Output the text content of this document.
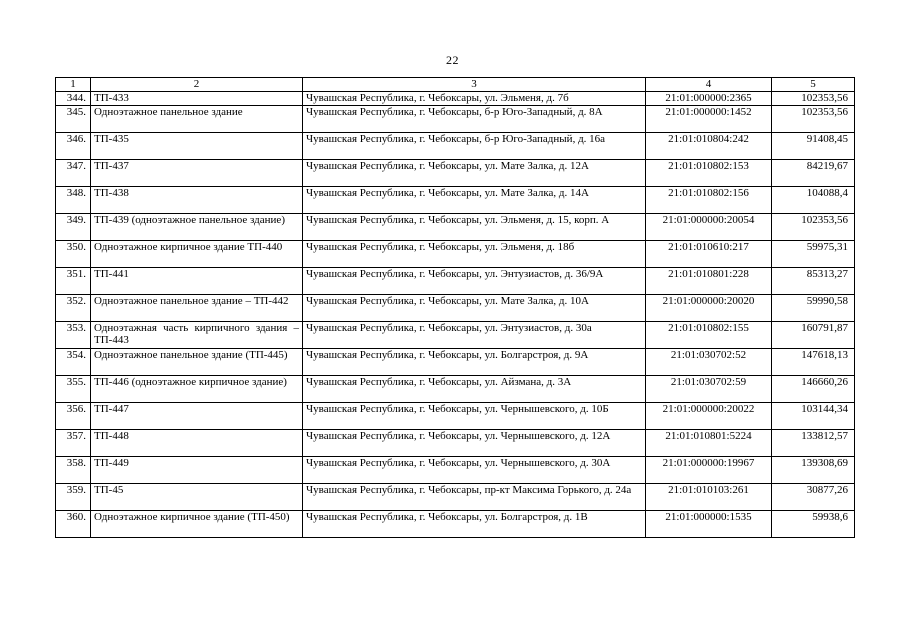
22
1	2	3	4	5
344.	ТП-433	Чувашская Республика, г. Чебоксары, ул. Эльменя, д. 7б	21:01:000000:2365	102353,56
345.	Одноэтажное панельное здание	Чувашская Республика, г. Чебоксары, б-р Юго-Западный, д. 8А	21:01:000000:1452	102353,56
346.	ТП-435	Чувашская Республика, г. Чебоксары, б-р Юго-Западный, д. 16а	21:01:010804:242	91408,45
347.	ТП-437	Чувашская Республика, г. Чебоксары, ул. Мате Залка, д. 12А	21:01:010802:153	84219,67
348.	ТП-438	Чувашская Республика, г. Чебоксары, ул. Мате Залка, д. 14А	21:01:010802:156	104088,4
349.	ТП-439 (одноэтажное панельное здание)	Чувашская Республика, г. Чебоксары, ул. Эльменя, д. 15, корп. А	21:01:000000:20054	102353,56
350.	Одноэтажное кирпичное здание ТП-440	Чувашская Республика, г. Чебоксары, ул. Эльменя, д. 18б	21:01:010610:217	59975,31
351.	ТП-441	Чувашская Республика, г. Чебоксары, ул. Энтузиастов, д. 36/9А	21:01:010801:228	85313,27
352.	Одноэтажное панельное здание – ТП-442	Чувашская Республика, г. Чебоксары, ул. Мате Залка, д. 10А	21:01:000000:20020	59990,58
353.	Одноэтажная часть кирпичного здания – ТП-443	Чувашская Республика, г. Чебоксары, ул. Энтузиастов, д. 30а	21:01:010802:155	160791,87
354.	Одноэтажное панельное здание (ТП-445)	Чувашская Республика, г. Чебоксары, ул. Болгарстроя, д. 9А	21:01:030702:52	147618,13
355.	ТП-446 (одноэтажное кирпичное здание)	Чувашская Республика, г. Чебоксары, ул. Айзмана, д. 3А	21:01:030702:59	146660,26
356.	ТП-447	Чувашская Республика, г. Чебоксары, ул. Чернышевского, д. 10Б	21:01:000000:20022	103144,34
357.	ТП-448	Чувашская Республика, г. Чебоксары, ул. Чернышевского, д. 12А	21:01:010801:5224	133812,57
358.	ТП-449	Чувашская Республика, г. Чебоксары, ул. Чернышевского, д. 30А	21:01:000000:19967	139308,69
359.	ТП-45	Чувашская Республика, г. Чебоксары, пр-кт Максима Горького, д. 24а	21:01:010103:261	30877,26
360.	Одноэтажное кирпичное здание (ТП-450)	Чувашская Республика, г. Чебоксары, ул. Болгарстроя, д. 1В	21:01:000000:1535	59938,6
